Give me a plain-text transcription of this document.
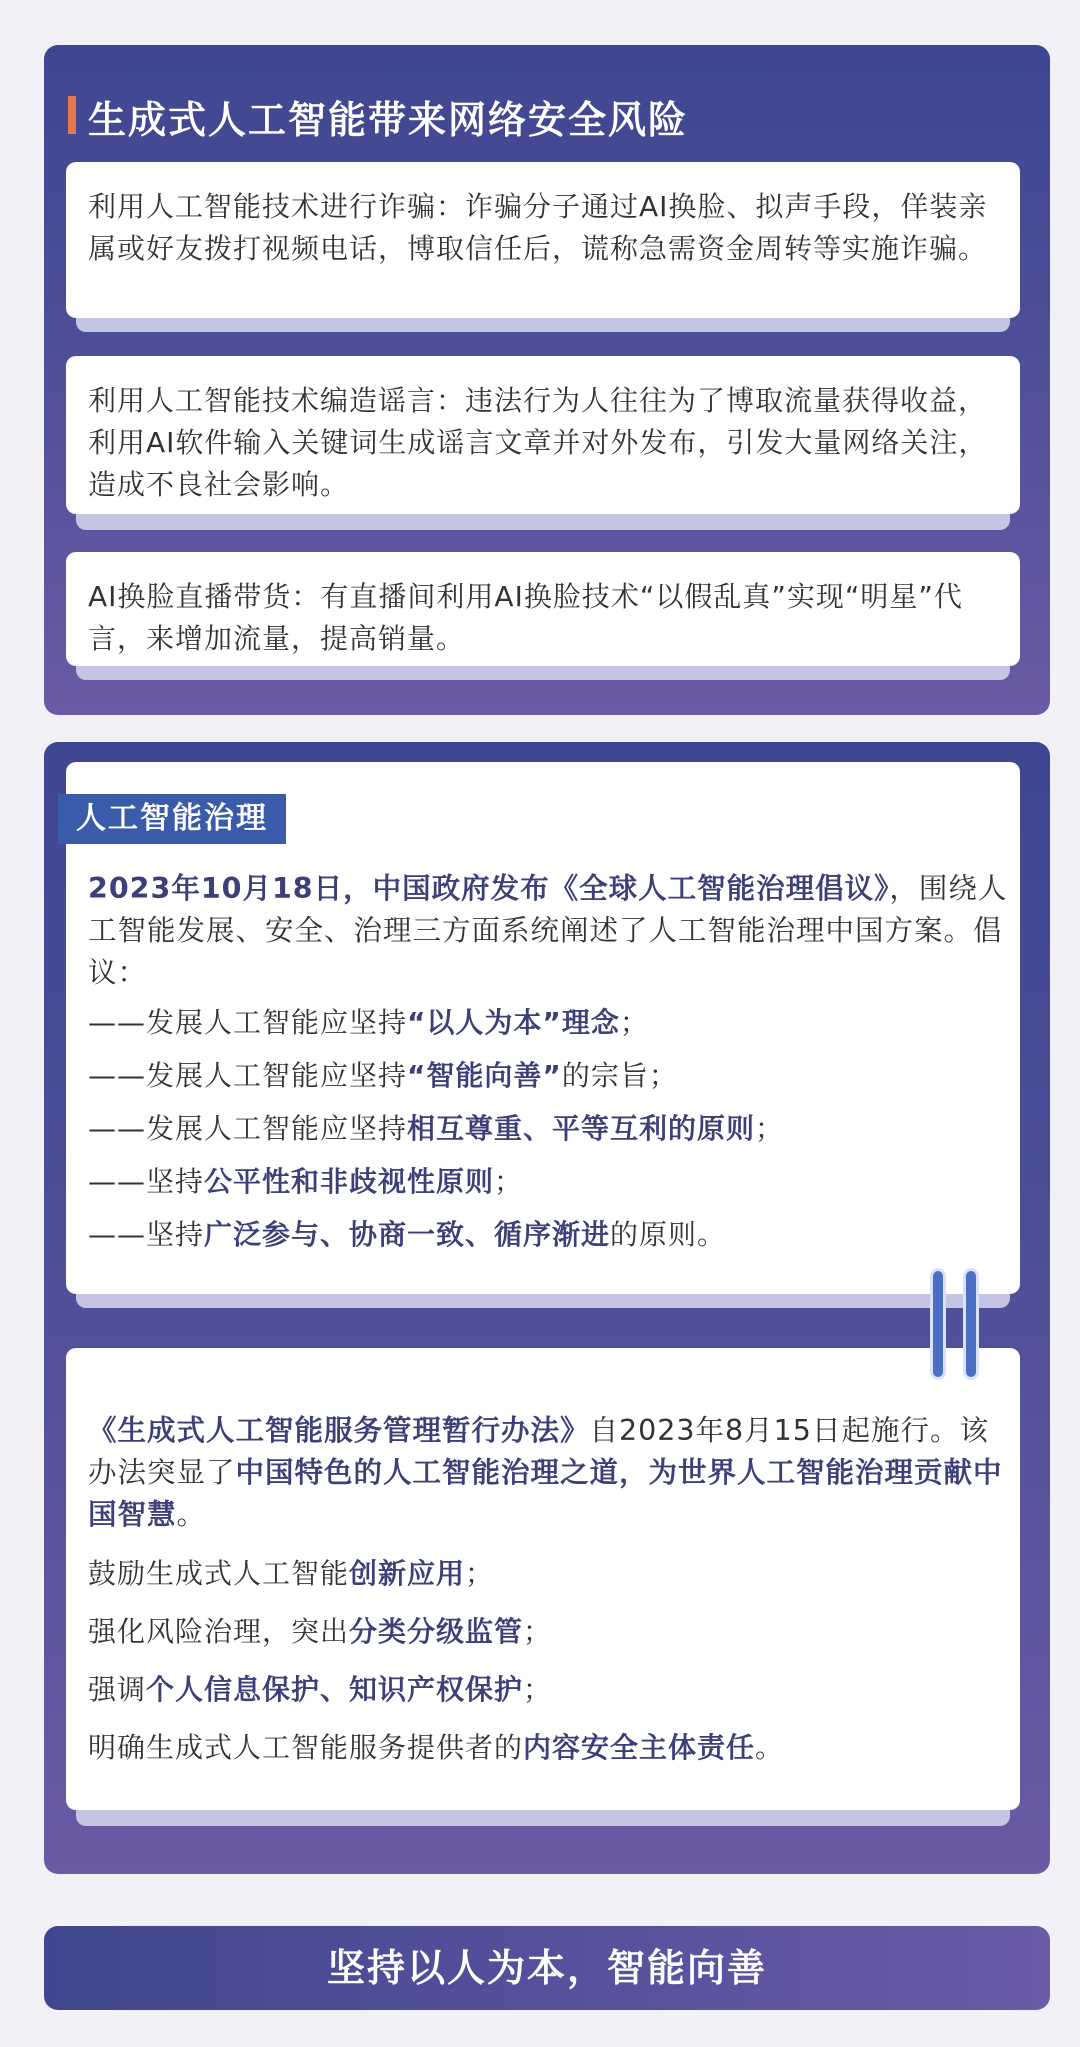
生成式人工智能带来网络安全风险
利用人工智能技术进行诈骗：诈骗分子通过AI换脸、拟声手段，佯装亲属或好友拨打视频电话，博取信任后，谎称急需资金周转等实施诈骗。
利用人工智能技术编造谣言：违法行为人往往为了博取流量获得收益，利用AI软件输入关键词生成谣言文章并对外发布，引发大量网络关注，造成不良社会影响。
AI换脸直播带货：有直播间利用AI换脸技术“以假乱真”实现“明星”代言，来增加流量，提高销量。
人工智能治理
2023年10月18日，中国政府发布《全球人工智能治理倡议》，围绕人工智能发展、安全、治理三方面系统阐述了人工智能治理中国方案。倡议：
——发展人工智能应坚持“以人为本”理念；
——发展人工智能应坚持“智能向善”的宗旨；
——发展人工智能应坚持相互尊重、平等互利的原则；
——坚持公平性和非歧视性原则；
——坚持广泛参与、协商一致、循序渐进的原则。
《生成式人工智能服务管理暂行办法》自2023年8月15日起施行。该办法突显了中国特色的人工智能治理之道，为世界人工智能治理贡献中国智慧。
鼓励生成式人工智能创新应用；
强化风险治理，突出分类分级监管；
强调个人信息保护、知识产权保护；
明确生成式人工智能服务提供者的内容安全主体责任。
坚持以人为本，智能向善
